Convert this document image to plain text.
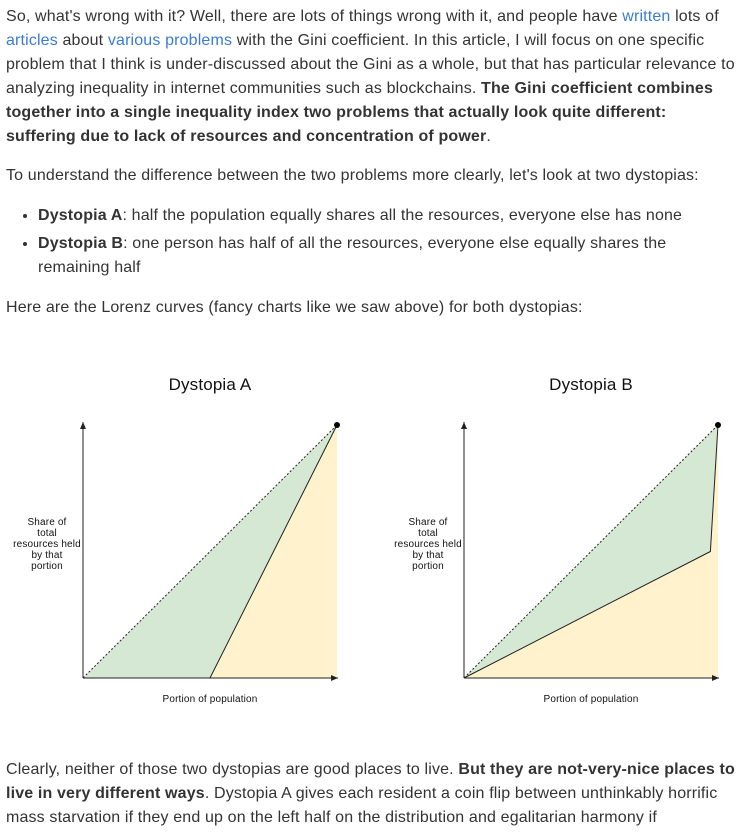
So, what's wrong with it? Well, there are lots of things wrong with it, and people have written lots of articles about various problems with the Gini coefficient. In this article, I will focus on one specific problem that I think is under-discussed about the Gini as a whole, but that has particular relevance to analyzing inequality in internet communities such as blockchains. The Gini coefficient combines together into a single inequality index two problems that actually look quite different: suffering due to lack of resources and concentration of power.

To understand the difference between the two problems more clearly, let's look at two dystopias:

• Dystopia A: half the population equally shares all the resources, everyone else has none
• Dystopia B: one person has half of all the resources, everyone else equally shares the remaining half

Here are the Lorenz curves (fancy charts like we saw above) for both dystopias:

Dystopia A
Portion of population
Share of total resources held by that portion
Dystopia B
Portion of population
Share of total resources held by that portion

Clearly, neither of those two dystopias are good places to live. But they are not-very-nice places to live in very different ways. Dystopia A gives each resident a coin flip between unthinkably horrific mass starvation if they end up on the left half on the distribution and egalitarian harmony if
